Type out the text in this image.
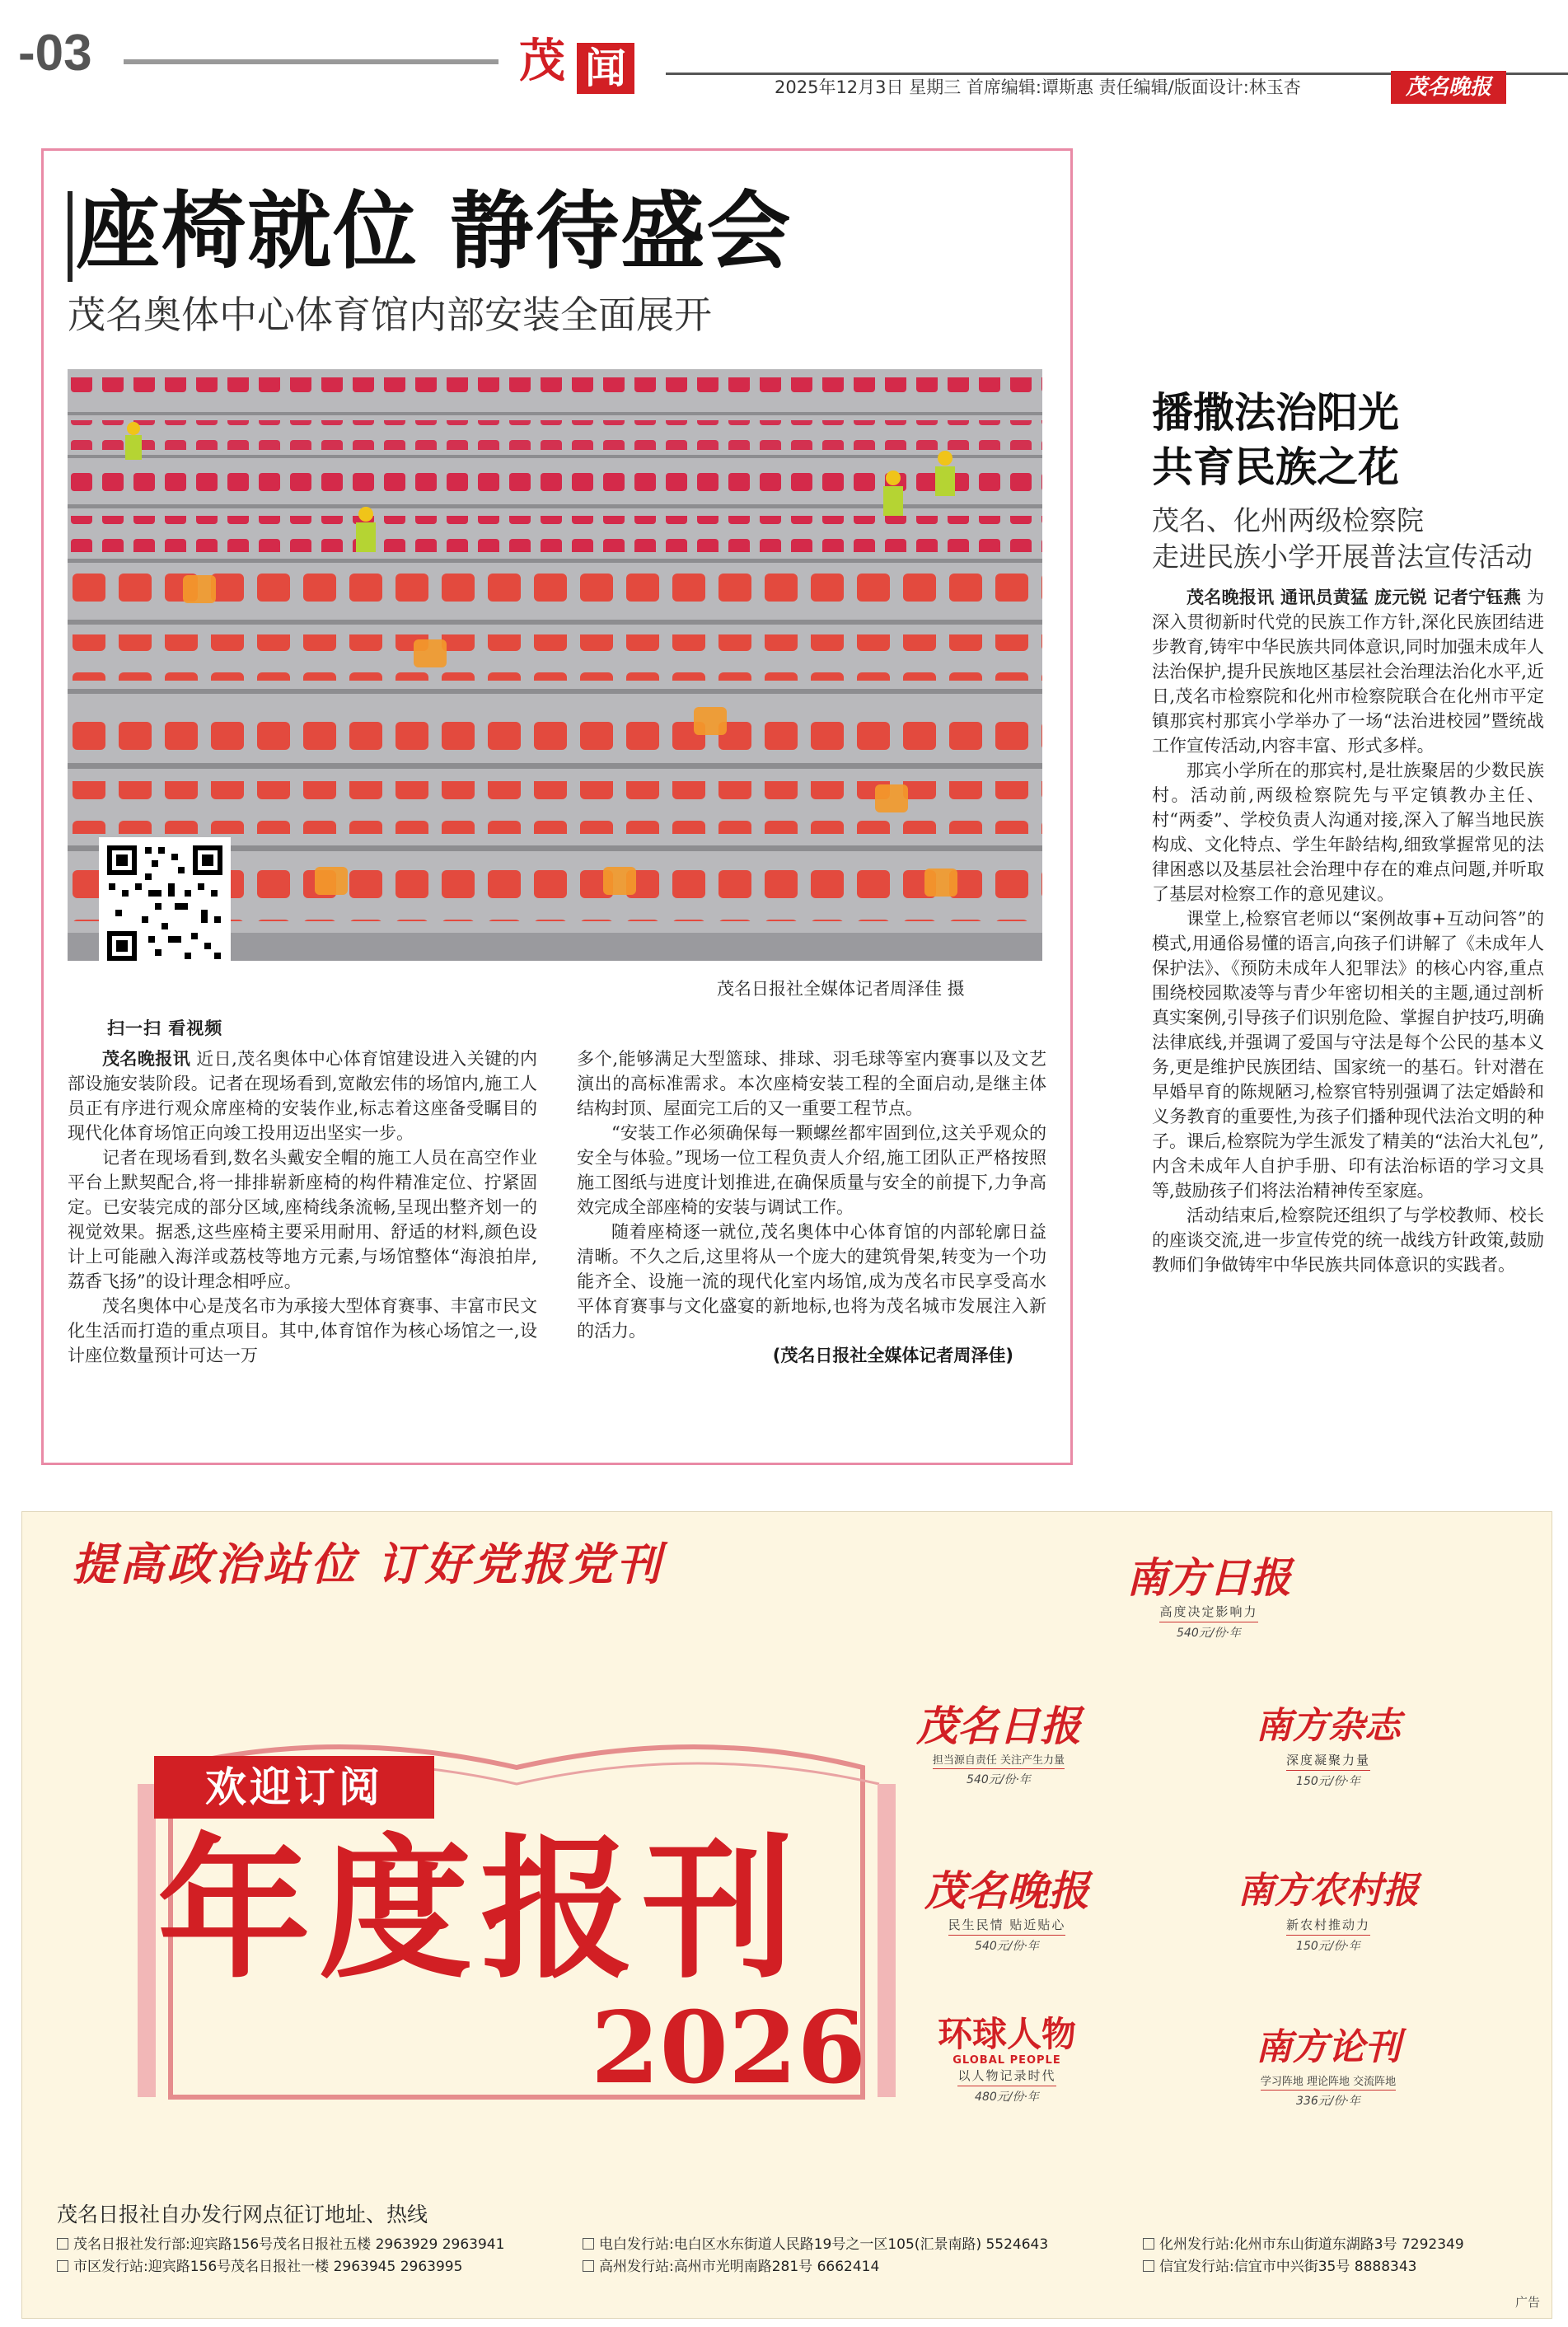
-03	茂 闻	2025年12月3日 星期三 首席编辑:谭斯惠 责任编辑/版面设计:林玉杏	茂名晚报
座椅就位 静待盛会
茂名奥体中心体育馆内部安装全面展开
茂名日报社全媒体记者周泽佳 摄
扫一扫 看视频

茂名晚报讯 近日,茂名奥体中心体育馆建设进入关键的内部设施安装阶段。记者在现场看到,宽敞宏伟的场馆内,施工人员正有序进行观众席座椅的安装作业,标志着这座备受瞩目的现代化体育场馆正向竣工投用迈出坚实一步。

记者在现场看到,数名头戴安全帽的施工人员在高空作业平台上默契配合,将一排排崭新座椅的构件精准定位、拧紧固定。已安装完成的部分区域,座椅线条流畅,呈现出整齐划一的视觉效果。据悉,这些座椅主要采用耐用、舒适的材料,颜色设计上可能融入海洋或荔枝等地方元素,与场馆整体“海浪拍岸,荔香飞扬”的设计理念相呼应。

茂名奥体中心是茂名市为承接大型体育赛事、丰富市民文化生活而打造的重点项目。其中,体育馆作为核心场馆之一,设计座位数量预计可达一万

多个,能够满足大型篮球、排球、羽毛球等室内赛事以及文艺演出的高标准需求。本次座椅安装工程的全面启动,是继主体结构封顶、屋面完工后的又一重要工程节点。

“安装工作必须确保每一颗螺丝都牢固到位,这关乎观众的安全与体验。”现场一位工程负责人介绍,施工团队正严格按照施工图纸与进度计划推进,在确保质量与安全的前提下,力争高效完成全部座椅的安装与调试工作。

随着座椅逐一就位,茂名奥体中心体育馆的内部轮廓日益清晰。不久之后,这里将从一个庞大的建筑骨架,转变为一个功能齐全、设施一流的现代化室内场馆,成为茂名市民享受高水平体育赛事与文化盛宴的新地标,也将为茂名城市发展注入新的活力。

(茂名日报社全媒体记者周泽佳)

播撒法治阳光
共育民族之花
茂名、化州两级检察院
走进民族小学开展普法宣传活动

茂名晚报讯 通讯员黄猛 庞元锐 记者宁钰燕 为深入贯彻新时代党的民族工作方针,深化民族团结进步教育,铸牢中华民族共同体意识,同时加强未成年人法治保护,提升民族地区基层社会治理法治化水平,近日,茂名市检察院和化州市检察院联合在化州市平定镇那宾村那宾小学举办了一场“法治进校园”暨统战工作宣传活动,内容丰富、形式多样。

那宾小学所在的那宾村,是壮族聚居的少数民族村。活动前,两级检察院先与平定镇教办主任、村“两委”、学校负责人沟通对接,深入了解当地民族构成、文化特点、学生年龄结构,细致掌握常见的法律困惑以及基层社会治理中存在的难点问题,并听取了基层对检察工作的意见建议。

课堂上,检察官老师以“案例故事+互动问答”的模式,用通俗易懂的语言,向孩子们讲解了《未成年人保护法》、《预防未成年人犯罪法》的核心内容,重点围绕校园欺凌等与青少年密切相关的主题,通过剖析真实案例,引导孩子们识别危险、掌握自护技巧,明确法律底线,并强调了爱国与守法是每个公民的基本义务,更是维护民族团结、国家统一的基石。针对潜在早婚早育的陈规陋习,检察官特别强调了法定婚龄和义务教育的重要性,为孩子们播种现代法治文明的种子。课后,检察院为学生派发了精美的“法治大礼包”,内含未成年人自护手册、印有法治标语的学习文具等,鼓励孩子们将法治精神传至家庭。

活动结束后,检察院还组织了与学校教师、校长的座谈交流,进一步宣传党的统一战线方针政策,鼓励教师们争做铸牢中华民族共同体意识的实践者。

提高政治站位 订好党报党刊
欢迎订阅
年度报刊
2026
南方日报
高度决定影响力
540元/份·年
茂名日报
担当源自责任 关注产生力量
540元/份·年
南方杂志
深度凝聚力量
150元/份·年
茂名晚报
民生民情 贴近贴心
540元/份·年
南方农村报
新农村推动力
150元/份·年
环球人物
GLOBAL PEOPLE
以人物记录时代
480元/份·年
南方论刊
学习阵地 理论阵地 交流阵地
336元/份·年
茂名日报社自办发行网点征订地址、热线
茂名日报社发行部:迎宾路156号茂名日报社五楼 2963929 2963941
市区发行站:迎宾路156号茂名日报社一楼 2963945 2963995
电白发行站:电白区水东街道人民路19号之一区105(汇景南路) 5524643
高州发行站:高州市光明南路281号 6662414
化州发行站:化州市东山街道东湖路3号 7292349
信宜发行站:信宜市中兴街35号 8888343
广告
